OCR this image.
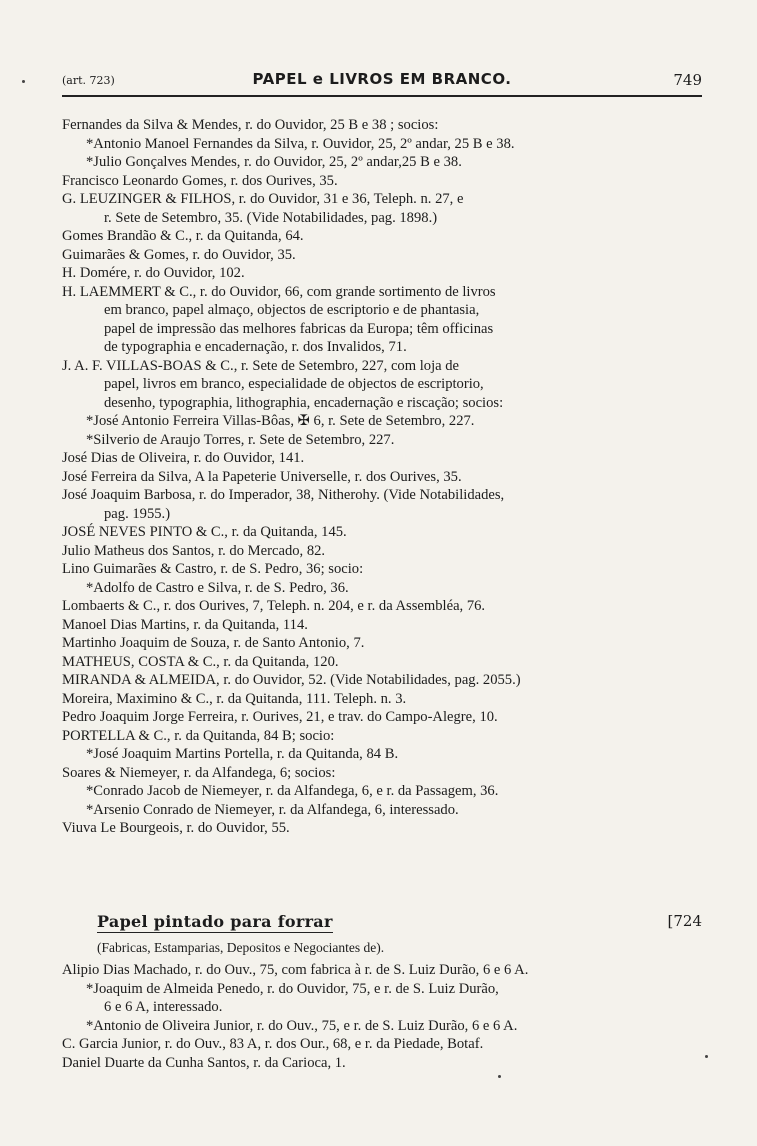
(art. 723)	PAPEL e LIVROS EM BRANCO.	749
Fernandes da Silva & Mendes, r. do Ouvidor, 25 B e 38 ; socios:
*Antonio Manoel Fernandes da Silva, r. Ouvidor, 25, 2º andar, 25 B e 38.
*Julio Gonçalves Mendes, r. do Ouvidor, 25, 2º andar,25 B e 38.
Francisco Leonardo Gomes, r. dos Ourives, 35.
G. LEUZINGER & FILHOS, r. do Ouvidor, 31 e 36, Teleph. n. 27, e
r. Sete de Setembro, 35. (Vide Notabilidades, pag. 1898.)
Gomes Brandão & C., r. da Quitanda, 64.
Guimarães & Gomes, r. do Ouvidor, 35.
H. Domére, r. do Ouvidor, 102.
H. LAEMMERT & C., r. do Ouvidor, 66, com grande sortimento de livros
em branco, papel almaço, objectos de escriptorio e de phantasia,
papel de impressão das melhores fabricas da Europa; têm officinas
de typographia e encadernação, r. dos Invalidos, 71.
J. A. F. VILLAS-BOAS & C., r. Sete de Setembro, 227, com loja de
papel, livros em branco, especialidade de objectos de escriptorio,
desenho, typographia, lithographia, encadernação e riscação; socios:
*José Antonio Ferreira Villas-Bôas, ✠ 6, r. Sete de Setembro, 227.
*Silverio de Araujo Torres, r. Sete de Setembro, 227.
José Dias de Oliveira, r. do Ouvidor, 141.
José Ferreira da Silva, A la Papeterie Universelle, r. dos Ourives, 35.
José Joaquim Barbosa, r. do Imperador, 38, Nitherohy. (Vide Notabilidades,
pag. 1955.)
JOSÉ NEVES PINTO & C., r. da Quitanda, 145.
Julio Matheus dos Santos, r. do Mercado, 82.
Lino Guimarães & Castro, r. de S. Pedro, 36; socio:
*Adolfo de Castro e Silva, r. de S. Pedro, 36.
Lombaerts & C., r. dos Ourives, 7, Teleph. n. 204, e r. da Assembléa, 76.
Manoel Dias Martins, r. da Quitanda, 114.
Martinho Joaquim de Souza, r. de Santo Antonio, 7.
MATHEUS, COSTA & C., r. da Quitanda, 120.
MIRANDA & ALMEIDA, r. do Ouvidor, 52. (Vide Notabilidades, pag. 2055.)
Moreira, Maximino & C., r. da Quitanda, 111. Teleph. n. 3.
Pedro Joaquim Jorge Ferreira, r. Ourives, 21, e trav. do Campo-Alegre, 10.
PORTELLA & C., r. da Quitanda, 84 B; socio:
*José Joaquim Martins Portella, r. da Quitanda, 84 B.
Soares & Niemeyer, r. da Alfandega, 6; socios:
*Conrado Jacob de Niemeyer, r. da Alfandega, 6, e r. da Passagem, 36.
*Arsenio Conrado de Niemeyer, r. da Alfandega, 6, interessado.
Viuva Le Bourgeois, r. do Ouvidor, 55.
Papel pintado para forrar	[724
(Fabricas, Estamparias, Depositos e Negociantes de).
Alipio Dias Machado, r. do Ouv., 75, com fabrica à r. de S. Luiz Durão, 6 e 6 A.
*Joaquim de Almeida Penedo, r. do Ouvidor, 75, e r. de S. Luiz Durão,
6 e 6 A, interessado.
*Antonio de Oliveira Junior, r. do Ouv., 75, e r. de S. Luiz Durão, 6 e 6 A.
C. Garcia Junior, r. do Ouv., 83 A, r. dos Our., 68, e r. da Piedade, Botaf.
Daniel Duarte da Cunha Santos, r. da Carioca, 1.
